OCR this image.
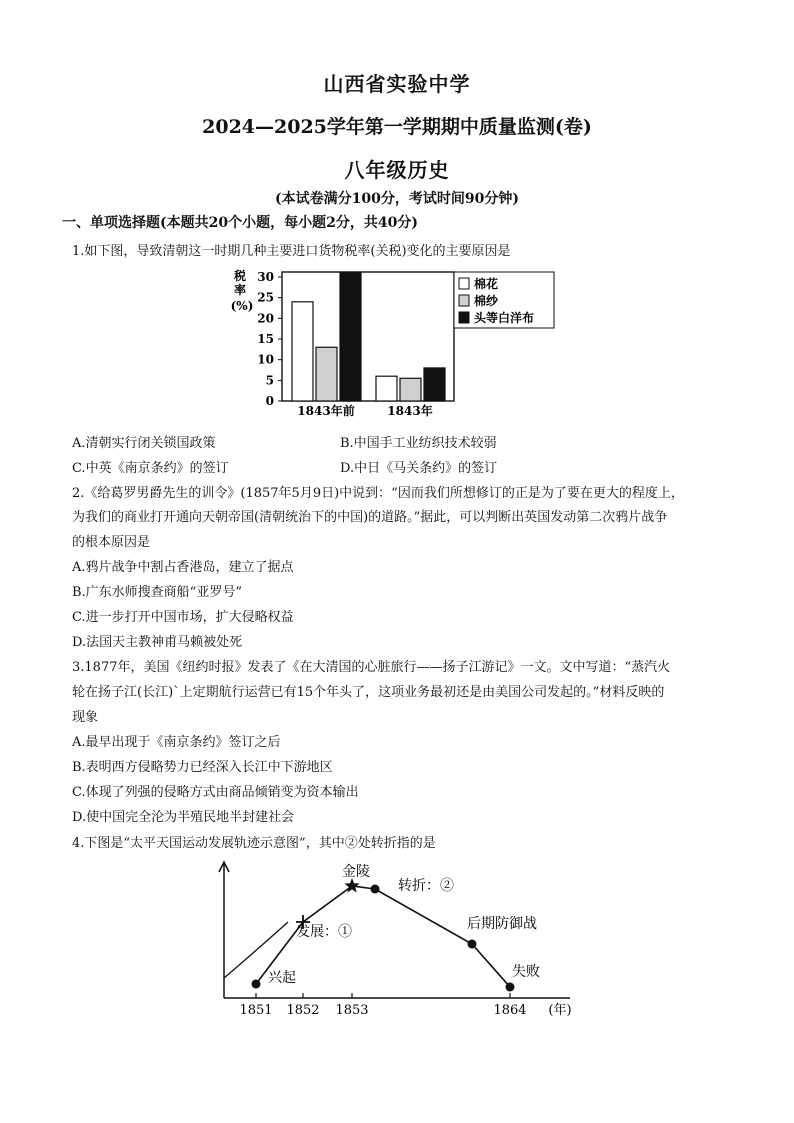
山西省实验中学
2024—2025学年第一学期期中质量监测(卷)
八年级历史
(本试卷满分100分，考试时间90分钟)
一、单项选择题(本题共20个小题，每小题2分，共40分)
1.如下图，导致清朝这一时期几种主要进口货物税率(关税)变化的主要原因是
税
率
(%)
0
5
10
15
20
25
30
1843年前	1843年
棉花
棉纱
头等白洋布
A.清朝实行闭关锁国政策	B.中国手工业纺织技术较弱
C.中英《南京条约》的签订	D.中日《马关条约》的签订
2.《给葛罗男爵先生的训令》(1857年5月9日)中说到：“因而我们所想修订的正是为了要在更大的程度上，
为我们的商业打开通向天朝帝国(清朝统治下的中国)的道路。”据此，可以判断出英国发动第二次鸦片战争
的根本原因是
A.鸦片战争中割占香港岛，建立了据点
B.广东水师搜查商船“亚罗号”
C.进一步打开中国市场，扩大侵略权益
D.法国天主教神甫马赖被处死
3.1877年，美国《纽约时报》发表了《在大清国的心脏旅行——扬子江游记》一文。文中写道：“蒸汽火
轮在扬子江(长江)`上定期航行运营已有15个年头了，这项业务最初还是由美国公司发起的。”材料反映的
现象
A.最早出现于《南京条约》签订之后
B.表明西方侵略势力已经深入长江中下游地区
C.体现了列强的侵略方式由商品倾销变为资本输出
D.使中国完全沦为半殖民地半封建社会
4.下图是“太平天国运动发展轨迹示意图”，其中②处转折指的是
兴起
发展：①
金陵
转折：②
后期防御战
失败
1851 1852 1853	1864 (年)
